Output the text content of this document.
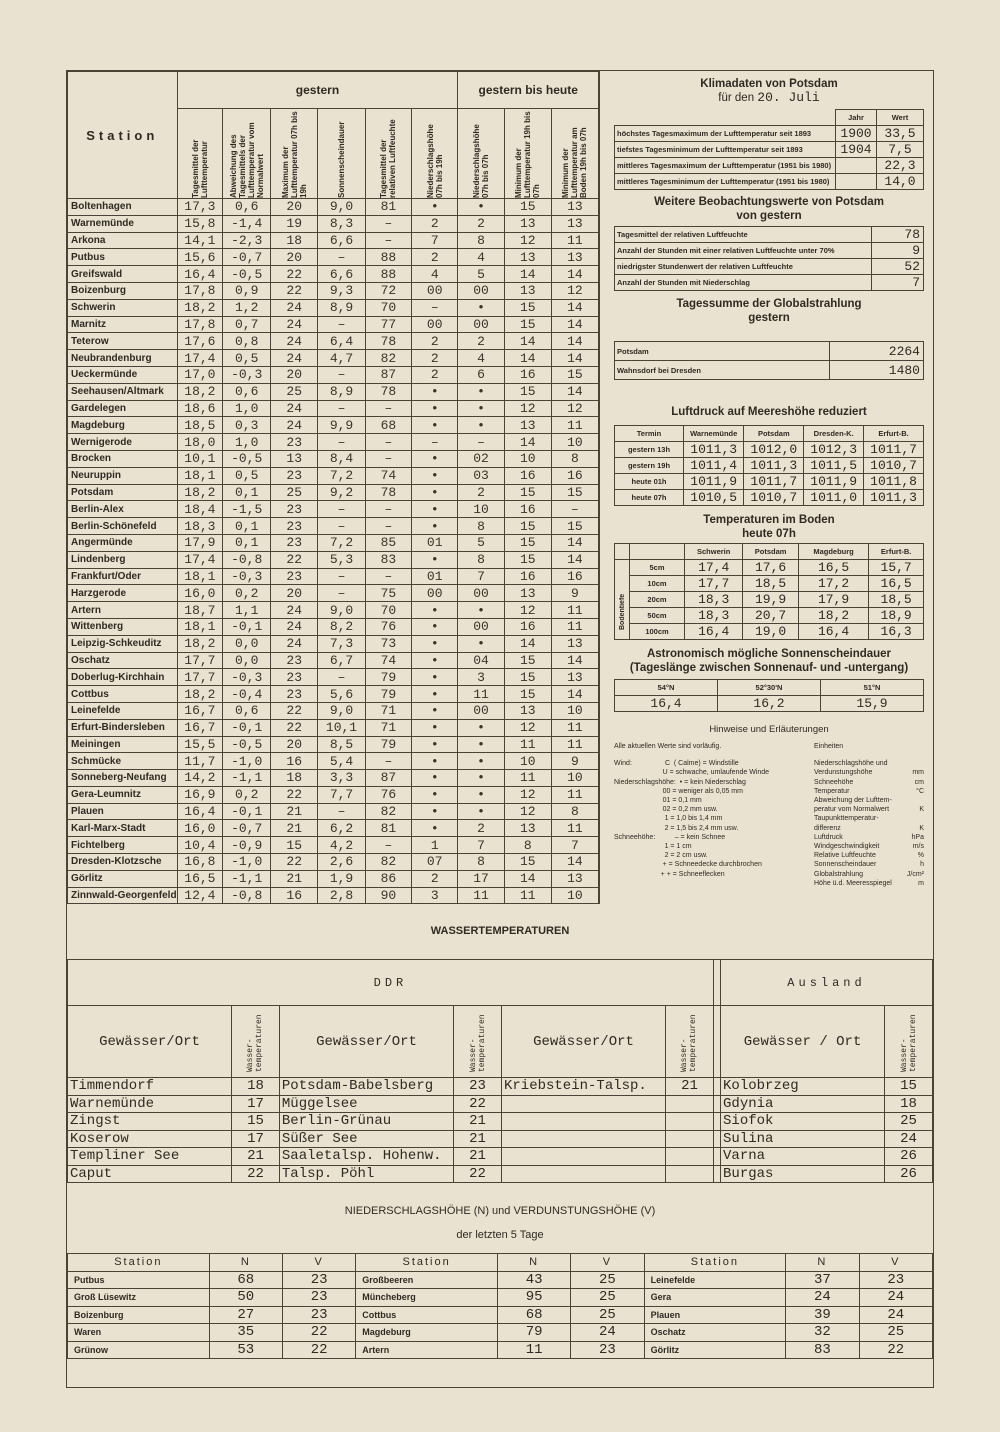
Station	gestern						gestern bis heute		

	Tagesmittel der Lufttemperatur	Abweichung des Tagesmittels der Lufttemperatur vom Normalwert	Maximum der Lufttemperatur 07h bis 19h	Sonnenscheindauer	Tagesmittel der relativen Luftfeuchte	Niederschlagshöhe 07h bis 19h	Niederschlagshöhe 07h bis 07h	Minimum der Lufttemperatur 19h bis 07h	Minimum der Lufttemperatur am Boden 19h bis 07h

Boltenhagen	17,3	0,6	20	9,0	81	•	•	15	13
Warnemünde	15,8	-1,4	19	8,3	–	2	2	13	13
Arkona	14,1	-2,3	18	6,6	–	7	8	12	11
Putbus	15,6	-0,7	20	–	88	2	4	13	13
Greifswald	16,4	-0,5	22	6,6	88	4	5	14	14
Boizenburg	17,8	0,9	22	9,3	72	00	00	13	12
Schwerin	18,2	1,2	24	8,9	70	–	•	15	14
Marnitz	17,8	0,7	24	–	77	00	00	15	14
Teterow	17,6	0,8	24	6,4	78	2	2	14	14
Neubrandenburg	17,4	0,5	24	4,7	82	2	4	14	14
Ueckermünde	17,0	-0,3	20	–	87	2	6	16	15
Seehausen/Altmark	18,2	0,6	25	8,9	78	•	•	15	14
Gardelegen	18,6	1,0	24	–	–	•	•	12	12
Magdeburg	18,5	0,3	24	9,9	68	•	•	13	11
Wernigerode	18,0	1,0	23	–	–	–	–	14	10
Brocken	10,1	-0,5	13	8,4	–	•	02	10	8
Neuruppin	18,1	0,5	23	7,2	74	•	03	16	16
Potsdam	18,2	0,1	25	9,2	78	•	2	15	15
Berlin-Alex	18,4	-1,5	23	–	–	•	10	16	–
Berlin-Schönefeld	18,3	0,1	23	–	–	•	8	15	15
Angermünde	17,9	0,1	23	7,2	85	01	5	15	14
Lindenberg	17,4	-0,8	22	5,3	83	•	8	15	14
Frankfurt/Oder	18,1	-0,3	23	–	–	01	7	16	16
Harzgerode	16,0	0,2	20	–	75	00	00	13	9
Artern	18,7	1,1	24	9,0	70	•	•	12	11
Wittenberg	18,1	-0,1	24	8,2	76	•	00	16	11
Leipzig-Schkeuditz	18,2	0,0	24	7,3	73	•	•	14	13
Oschatz	17,7	0,0	23	6,7	74	•	04	15	14
Doberlug-Kirchhain	17,7	-0,3	23	–	79	•	3	15	13
Cottbus	18,2	-0,4	23	5,6	79	•	11	15	14
Leinefelde	16,7	0,6	22	9,0	71	•	00	13	10
Erfurt-Bindersleben	16,7	-0,1	22	10,1	71	•	•	12	11
Meiningen	15,5	-0,5	20	8,5	79	•	•	11	11
Schmücke	11,7	-1,0	16	5,4	–	•	•	10	9
Sonneberg-Neufang	14,2	-1,1	18	3,3	87	•	•	11	10
Gera-Leumnitz	16,9	0,2	22	7,7	76	•	•	12	11
Plauen	16,4	-0,1	21	–	82	•	•	12	8
Karl-Marx-Stadt	16,0	-0,7	21	6,2	81	•	2	13	11
Fichtelberg	10,4	-0,9	15	4,2	–	1	7	8	7
Dresden-Klotzsche	16,8	-1,0	22	2,6	82	07	8	15	14
Görlitz	16,5	-1,1	21	1,9	86	2	17	14	13
Zinnwald-Georgenfeld	12,4	-0,8	16	2,8	90	3	11	11	10
Klimadaten von Potsdam
für den 20. Juli
	Jahr	Wert
höchstes Tagesmaximum der Lufttemperatur seit 1893	1900	33,5
tiefstes Tagesminimum der Lufttemperatur seit 1893	1904	7,5
mittleres Tagesmaximum der Lufttemperatur (1951 bis 1980)		22,3
mittleres Tagesminimum der Lufttemperatur (1951 bis 1980)		14,0
Weitere Beobachtungswerte von Potsdam
von gestern
Tagesmittel der relativen Luftfeuchte	78
Anzahl der Stunden mit einer relativen Luftfeuchte unter 70%	9
niedrigster Stundenwert der relativen Luftfeuchte	52
Anzahl der Stunden mit Niederschlag	7
Tagessumme der Globalstrahlung
gestern
Potsdam	2264
Wahnsdorf bei Dresden	1480
Luftdruck auf Meereshöhe reduziert
Termin	Warnemünde	Potsdam	Dresden-K.	Erfurt-B.
gestern 13h	1011,3	1012,0	1012,3	1011,7
gestern 19h	1011,4	1011,3	1011,5	1010,7
heute 01h	1011,9	1011,7	1011,9	1011,8
heute 07h	1010,5	1010,7	1011,0	1011,3
Temperaturen im Boden
heute 07h
		Schwerin	Potsdam	Magdeburg	Erfurt-B.

Bodentiefe	5cm	17,4	17,6	16,5	15,7
	10cm	17,7	18,5	17,2	16,5
	20cm	18,3	19,9	17,9	18,5
	50cm	18,3	20,7	18,2	18,9
	100cm	16,4	19,0	16,4	16,3
Astronomisch mögliche Sonnenscheindauer
(Tageslänge zwischen Sonnenauf- und -untergang)
54°N	52°30'N	51°N
16,4	16,2	15,9
Hinweise und Erläuterungen
Alle aktuellen Werte sind vorläufig.
Wind:                 C  ( Calme) = Windstille
U = schwache, umlaufende Winde
Niederschlagshöhe:  • = kein Niederschlag
00 = weniger als 0,05 mm
01 = 0,1 mm
02 = 0,2 mm usw.
1 = 1,0 bis 1,4 mm
2 = 1,5 bis 2,4 mm usw.
Schneehöhe:          – = kein Schnee
1 = 1 cm
2 = 2 cm usw.
+ = Schneedecke durchbrochen
+ + = Schneeflecken
Einheiten
Niederschlagshöhe und
Verdunstungshöhe	mm
Schneehöhe	cm
Temperatur	°C
Abweichung der Lufttem-
peratur vom Normalwert	K
Taupunkttemperatur-
differenz	K
Luftdruck	hPa
Windgeschwindigkeit	m/s
Relative Luftfeuchte	%
Sonnenscheindauer	h
Globalstrahlung	J/cm²
Höhe ü.d. Meeresspiegel	m
WASSERTEMPERATUREN
DDR							Ausland	
Gewässer/Ort	Wasser-temperaturen	Gewässer/Ort	Wasser-temperaturen	Gewässer/Ort	Wasser-temperaturen		Gewässer / Ort	Wasser-temperaturen

Timmendorf	18	Potsdam-Babelsberg	23	Kriebstein-Talsp.	21		Kolobrzeg	15
Warnemünde	17	Müggelsee	22				Gdynia	18
Zingst	15	Berlin-Grünau	21				Siofok	25
Koserow	17	Süßer See	21				Sulina	24
Templiner See	21	Saaletalsp. Hohenw.	21				Varna	26
Caput	22	Talsp. Pöhl	22				Burgas	26
NIEDERSCHLAGSHÖHE (N) und VERDUNSTUNGSHÖHE (V)
der letzten 5 Tage
Station	N	V	Station	N	V	Station	N	V
Putbus	68	23	Großbeeren	43	25	Leinefelde	37	23
Groß Lüsewitz	50	23	Müncheberg	95	25	Gera	24	24
Boizenburg	27	23	Cottbus	68	25	Plauen	39	24
Waren	35	22	Magdeburg	79	24	Oschatz	32	25
Grünow	53	22	Artern	11	23	Görlitz	83	22
